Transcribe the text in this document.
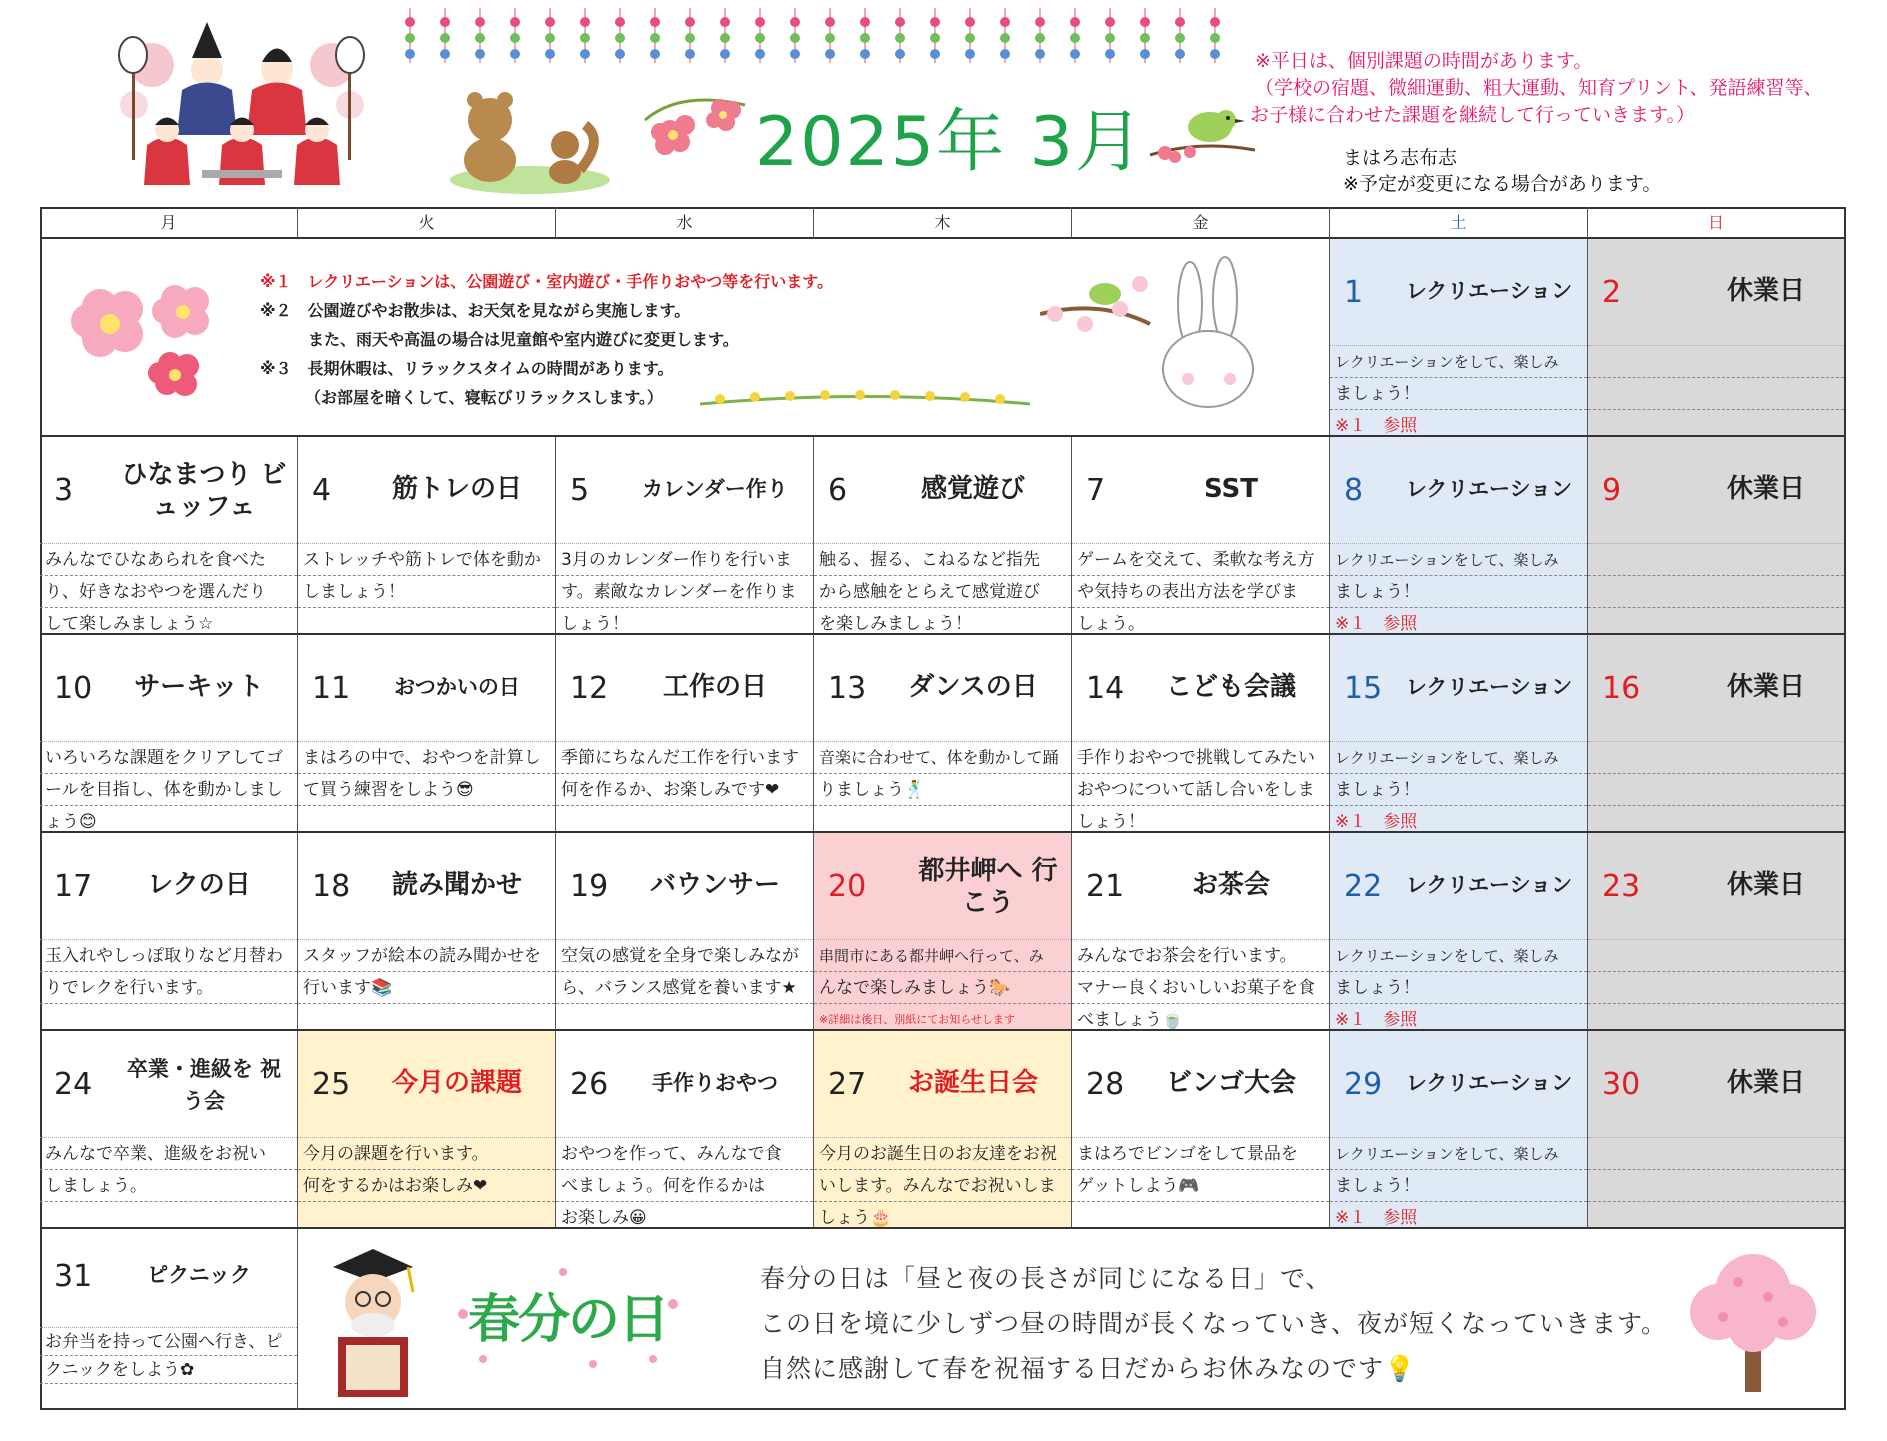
2025年 3月
※平日は、個別課題の時間があります。
（学校の宿題、微細運動、粗大運動、知育プリント、発語練習等、
お子様に合わせた課題を継続して行っていきます。）
まはろ志布志
※予定が変更になる場合があります。
月	火	水	木	金	土	日
※１　レクリエーションは、公園遊び・室内遊び・手作りおやつ等を行います。
※２　公園遊びやお散歩は、お天気を見ながら実施します。
　　　また、雨天や高温の場合は児童館や室内遊びに変更します。
※３　長期休暇は、リラックスタイムの時間があります。
（お部屋を暗くして、寝転びリラックスします。）
1	レクリエーション
レクリエーションをして、楽しみ
ましょう！
※１　参照
2	休業日
3 ひなまつり ビュッフェ
みんなでひなあられを食べた
り、好きなおやつを選んだり
して楽しみましょう☆
4	筋トレの日
ストレッチや筋トレで体を動か
しましょう！
5	カレンダー作り
3月のカレンダー作りを行いま
す。素敵なカレンダーを作りま
しょう！
6	感覚遊び
触る、握る、こねるなど指先
から感触をとらえて感覚遊び
を楽しみましょう！
7	SST
ゲームを交えて、柔軟な考え方
や気持ちの表出方法を学びま
しょう。
8	レクリエーション
レクリエーションをして、楽しみ
ましょう！
※１　参照
9	休業日
10	サーキット
いろいろな課題をクリアしてゴ
ールを目指し、体を動かしまし
ょう😊
11	おつかいの日
まはろの中で、おやつを計算し
て買う練習をしよう😎
12	工作の日
季節にちなんだ工作を行います
何を作るか、お楽しみです❤
13	ダンスの日
音楽に合わせて、体を動かして踊
りましょう🕺
14	こども会議
手作りおやつで挑戦してみたい
おやつについて話し合いをしま
しょう！
15	レクリエーション
レクリエーションをして、楽しみ
ましょう！
※１　参照
16	休業日
17	レクの日
玉入れやしっぽ取りなど月替わ
りでレクを行います。
18	読み聞かせ
スタッフが絵本の読み聞かせを
行います📚
19	バウンサー
空気の感覚を全身で楽しみなが
ら、バランス感覚を養います★
20 都井岬へ 行こう
串間市にある都井岬へ行って、み
んなで楽しみましょう🐎
※詳細は後日、別紙にてお知らせします
21	お茶会
みんなでお茶会を行います。
マナー良くおいしいお菓子を食
べましょう🍵
22	レクリエーション
レクリエーションをして、楽しみ
ましょう！
※１　参照
23	休業日
24	卒業・進級を 祝う会
みんなで卒業、進級をお祝い
しましょう。
25	今月の課題
今月の課題を行います。
何をするかはお楽しみ❤
26	手作りおやつ
おやつを作って、みんなで食
べましょう。何を作るかは
お楽しみ😀
27	お誕生日会
今月のお誕生日のお友達をお祝
いします。みんなでお祝いしま
しょう🎂
28	ビンゴ大会
まはろでビンゴをして景品を
ゲットしよう🎮
29	レクリエーション
レクリエーションをして、楽しみ
ましょう！
※１　参照
30	休業日
31	ピクニック
お弁当を持って公園へ行き、ピ
クニックをしよう✿
春分の日
春分の日は「昼と夜の長さが同じになる日」で、
この日を境に少しずつ昼の時間が長くなっていき、夜が短くなっていきます。
自然に感謝して春を祝福する日だからお休みなのです💡
